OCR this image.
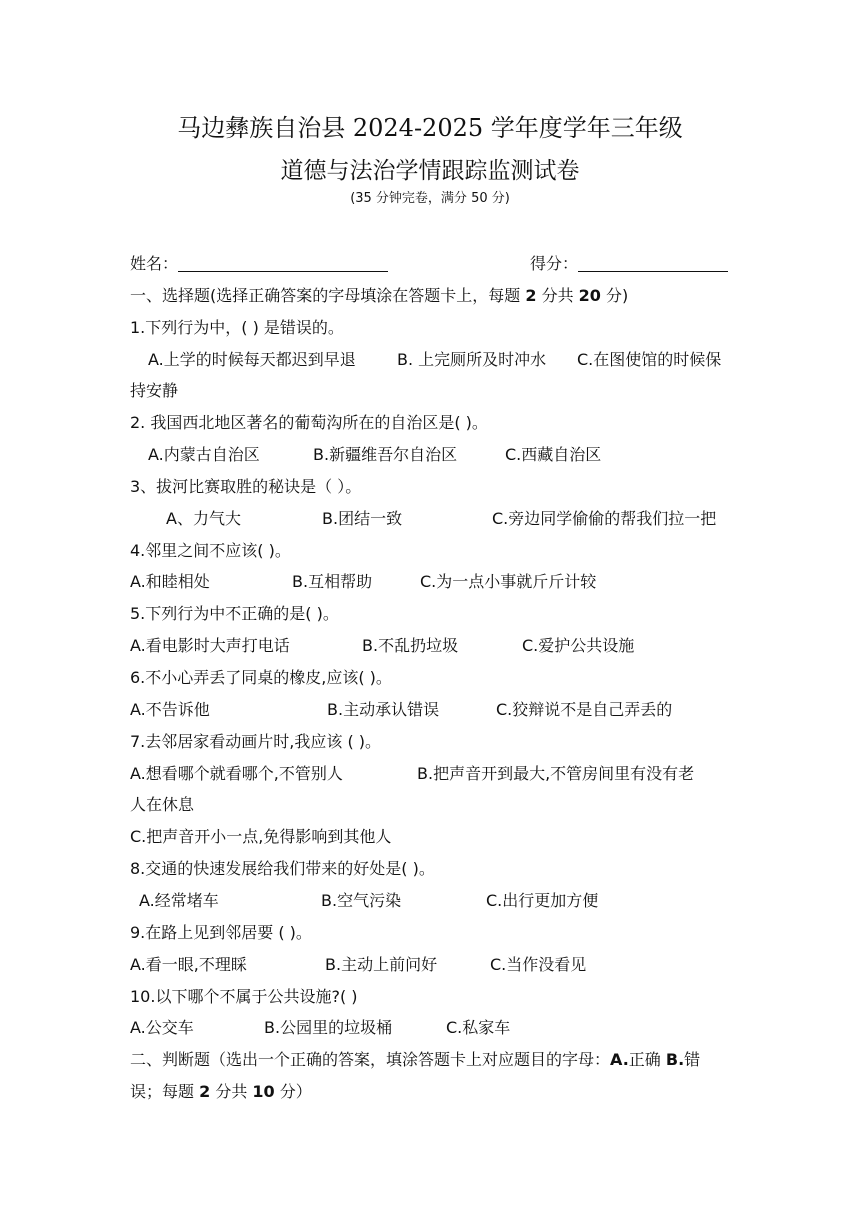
马边彝族自治县 2024-2025 学年度学年三年级
道德与法治学情跟踪监测试卷
(35 分钟完卷，满分 50 分)
姓名：	得分：
一、选择题(选择正确答案的字母填涂在答题卡上，每题 2 分共 20 分)
1.下列行为中，( ) 是错误的。
A.上学的时候每天都迟到早退	B. 上完厕所及时冲水 C.在图使馆的时候保
持安静
2. 我国西北地区著名的葡萄沟所在的自治区是( )。
A.内蒙古自治区	B.新疆维吾尔自治区	C.西藏自治区
3、拔河比赛取胜的秘诀是（ ）。
A、力气大	B.团结一致	C.旁边同学偷偷的帮我们拉一把
4.邻里之间不应该( )。
A.和睦相处	B.互相帮助	C.为一点小事就斤斤计较
5.下列行为中不正确的是( )。
A.看电影时大声打电话	B.不乱扔垃圾	C.爱护公共设施
6.不小心弄丢了同桌的橡皮,应该( )。
A.不告诉他	B.主动承认错误	C.狡辩说不是自己弄丢的
7.去邻居家看动画片时,我应该 ( )。
A.想看哪个就看哪个,不管别人	B.把声音开到最大,不管房间里有没有老
人在休息
C.把声音开小一点,免得影响到其他人
8.交通的快速发展给我们带来的好处是( )。
A.经常堵车	B.空气污染	C.出行更加方便
9.在路上见到邻居要 ( )。
A.看一眼,不理睬	B.主动上前问好	C.当作没看见
10.以下哪个不属于公共设施?( )
A.公交车	B.公园里的垃圾桶	C.私家车
二、判断题（选出一个正确的答案，填涂答题卡上对应题目的字母：A.正确 B.错
误；每题 2 分共 10 分）
